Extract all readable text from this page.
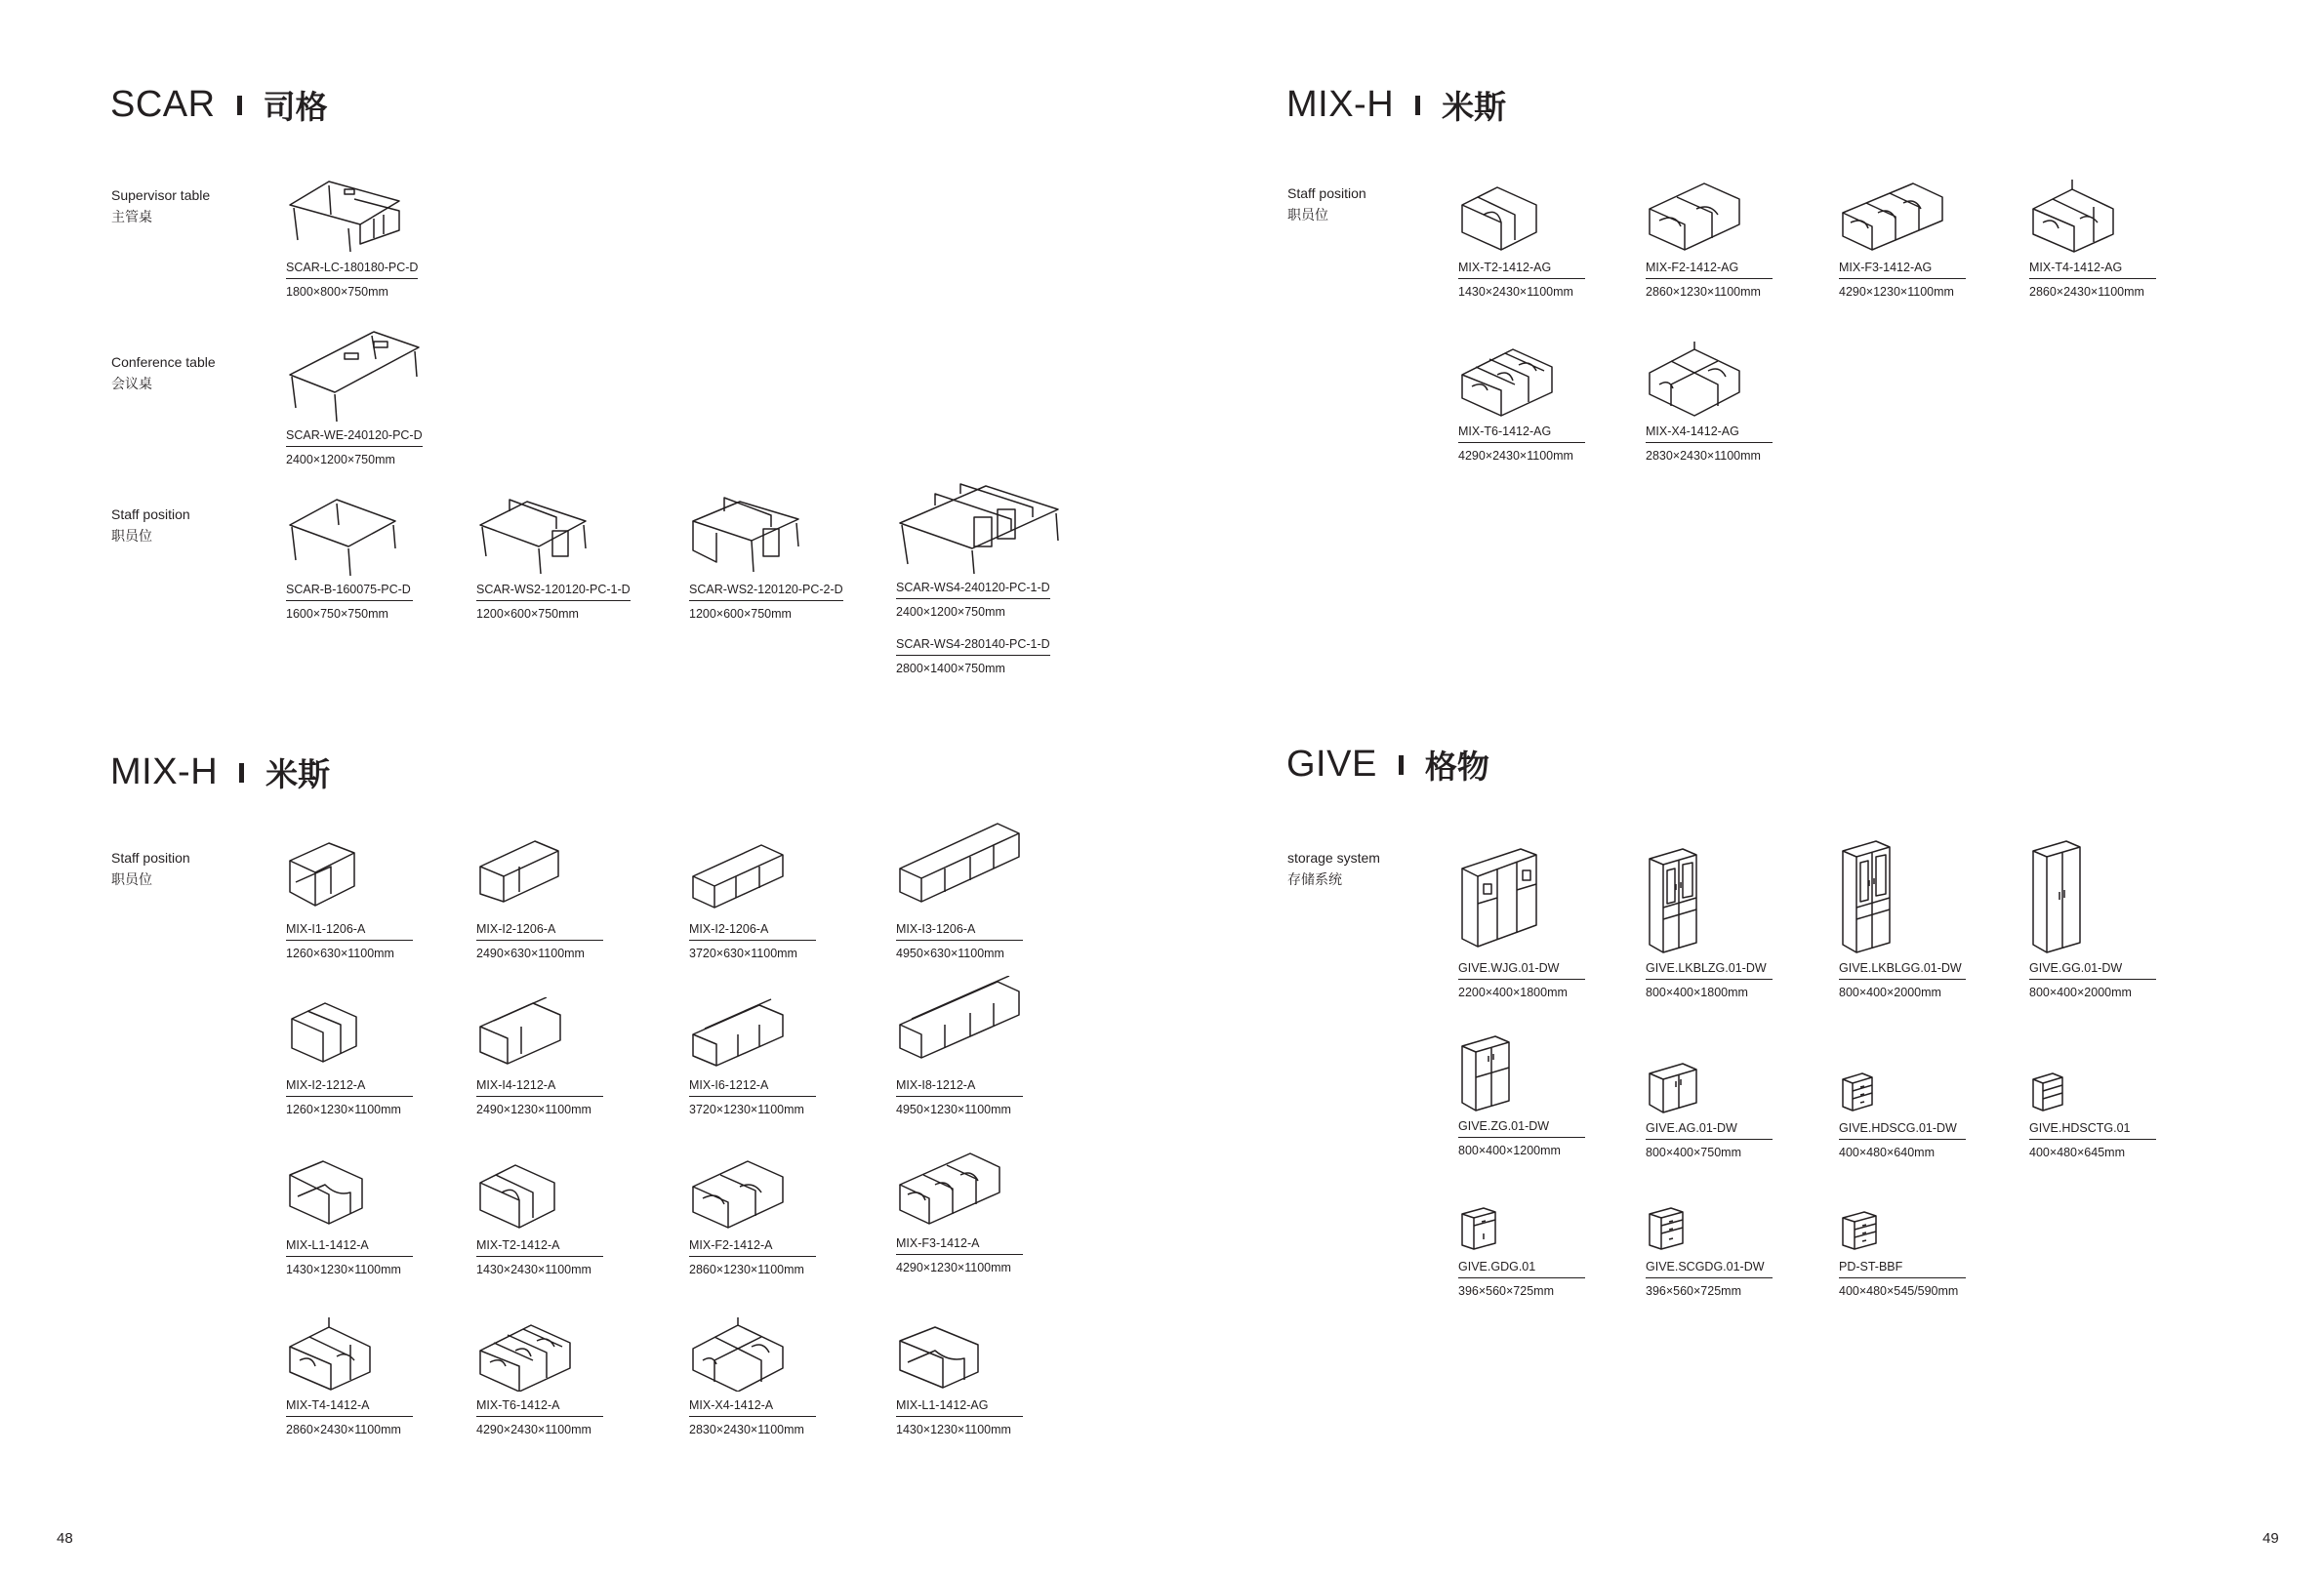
SCAR 司格
Supervisor table
主管桌
SCAR-LC-180180-PC-D
1800×800×750mm
Conference table
会议桌
SCAR-WE-240120-PC-D
2400×1200×750mm
Staff position
职员位
SCAR-B-160075-PC-D
1600×750×750mm
SCAR-WS2-120120-PC-1-D
1200×600×750mm
SCAR-WS2-120120-PC-2-D
1200×600×750mm
SCAR-WS4-240120-PC-1-D
2400×1200×750mm
SCAR-WS4-280140-PC-1-D
2800×1400×750mm
MIX-H 米斯
Staff position
职员位
MIX-I1-1206-A
1260×630×1100mm
MIX-I2-1206-A
2490×630×1100mm
MIX-I2-1206-A
3720×630×1100mm
MIX-I3-1206-A
4950×630×1100mm
MIX-I2-1212-A
1260×1230×1100mm
MIX-I4-1212-A
2490×1230×1100mm
MIX-I6-1212-A
3720×1230×1100mm
MIX-I8-1212-A
4950×1230×1100mm
MIX-L1-1412-A
1430×1230×1100mm
MIX-T2-1412-A
1430×2430×1100mm
MIX-F2-1412-A
2860×1230×1100mm
MIX-F3-1412-A
4290×1230×1100mm
MIX-T4-1412-A
2860×2430×1100mm
MIX-T6-1412-A
4290×2430×1100mm
MIX-X4-1412-A
2830×2430×1100mm
MIX-L1-1412-AG
1430×1230×1100mm
MIX-H 米斯
Staff position
职员位
MIX-T2-1412-AG
1430×2430×1100mm
MIX-F2-1412-AG
2860×1230×1100mm
MIX-F3-1412-AG
4290×1230×1100mm
MIX-T4-1412-AG
2860×2430×1100mm
MIX-T6-1412-AG
4290×2430×1100mm
MIX-X4-1412-AG
2830×2430×1100mm
GIVE 格物
storage system
存储系统
GIVE.WJG.01-DW
2200×400×1800mm
GIVE.LKBLZG.01-DW
800×400×1800mm
GIVE.LKBLGG.01-DW
800×400×2000mm
GIVE.GG.01-DW
800×400×2000mm
GIVE.ZG.01-DW
800×400×1200mm
GIVE.AG.01-DW
800×400×750mm
GIVE.HDSCG.01-DW
400×480×640mm
GIVE.HDSCTG.01
400×480×645mm
GIVE.GDG.01
396×560×725mm
GIVE.SCGDG.01-DW
396×560×725mm
PD-ST-BBF
400×480×545/590mm
48	49
